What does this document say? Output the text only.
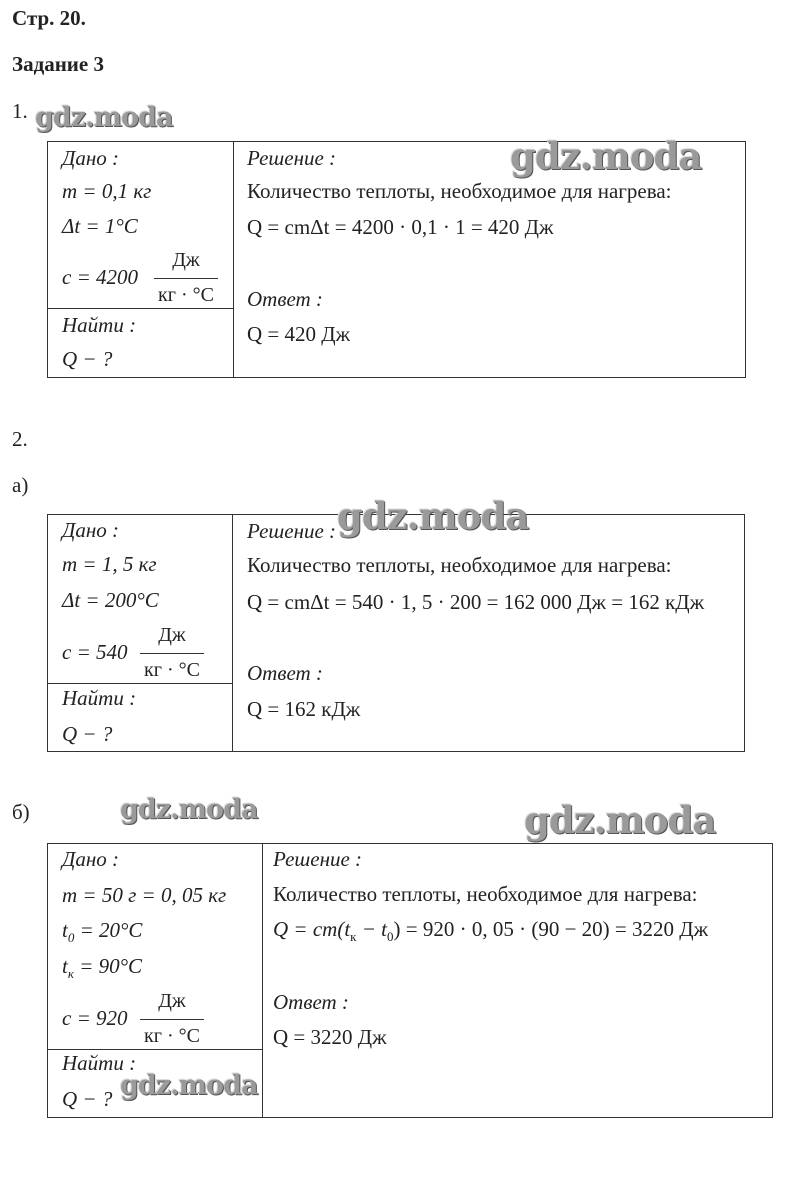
Стр. 20.
Задание 3
1.
Дано :
m = 0,1 кг
Δt = 1°C
c = 4200
Дж
кг · °C
Найти :
Q − ?
Решение :
Количество теплоты, необходимое для нагрева:
Q = cmΔt = 4200 · 0,1 · 1 = 420 Дж
Ответ :
Q = 420 Дж
2.
а)
Дано :
m = 1, 5 кг
Δt = 200°C
c = 540
Дж
кг · °C
Найти :
Q − ?
Решение :
Количество теплоты, необходимое для нагрева:
Q = cmΔt = 540 · 1, 5 · 200 = 162 000 Дж = 162 кДж
Ответ :
Q = 162 кДж
б)
Дано :
m = 50 г = 0, 05 кг
$t_0 = 20^\circ C$
$t_к = 90^\circ C$
c = 920
Дж
кг · °C
Найти :
Q − ?
Решение :
Количество теплоты, необходимое для нагрева:
$Q = cm(t_к - t_0) = 920 \cdot 0$, 05 · (90 − 20) = 3220 Дж
Ответ :
Q = 3220 Дж
gdz.moda
gdz.moda
gdz.moda
gdz.moda	gdz.moda
gdz.moda
